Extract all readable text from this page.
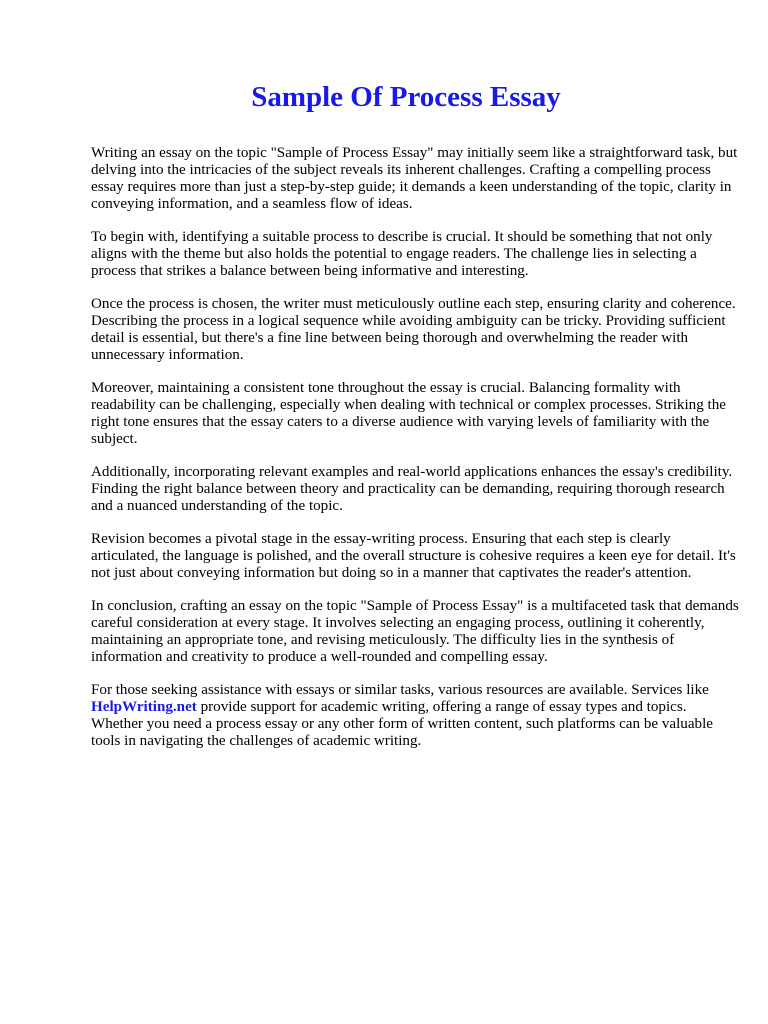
Sample Of Process Essay

Writing an essay on the topic "Sample of Process Essay" may initially seem like a straightforward task, but delving into the intricacies of the subject reveals its inherent challenges. Crafting a compelling process essay requires more than just a step-by-step guide; it demands a keen understanding of the topic, clarity in conveying information, and a seamless flow of ideas.

To begin with, identifying a suitable process to describe is crucial. It should be something that not only aligns with the theme but also holds the potential to engage readers. The challenge lies in selecting a process that strikes a balance between being informative and interesting.

Once the process is chosen, the writer must meticulously outline each step, ensuring clarity and coherence. Describing the process in a logical sequence while avoiding ambiguity can be tricky. Providing sufficient detail is essential, but there's a fine line between being thorough and overwhelming the reader with unnecessary information.

Moreover, maintaining a consistent tone throughout the essay is crucial. Balancing formality with readability can be challenging, especially when dealing with technical or complex processes. Striking the right tone ensures that the essay caters to a diverse audience with varying levels of familiarity with the subject.

Additionally, incorporating relevant examples and real-world applications enhances the essay's credibility. Finding the right balance between theory and practicality can be demanding, requiring thorough research and a nuanced understanding of the topic.

Revision becomes a pivotal stage in the essay-writing process. Ensuring that each step is clearly articulated, the language is polished, and the overall structure is cohesive requires a keen eye for detail. It's not just about conveying information but doing so in a manner that captivates the reader's attention.

In conclusion, crafting an essay on the topic "Sample of Process Essay" is a multifaceted task that demands careful consideration at every stage. It involves selecting an engaging process, outlining it coherently, maintaining an appropriate tone, and revising meticulously. The difficulty lies in the synthesis of information and creativity to produce a well-rounded and compelling essay.

For those seeking assistance with essays or similar tasks, various resources are available. Services like HelpWriting.net provide support for academic writing, offering a range of essay types and topics. Whether you need a process essay or any other form of written content, such platforms can be valuable tools in navigating the challenges of academic writing.
